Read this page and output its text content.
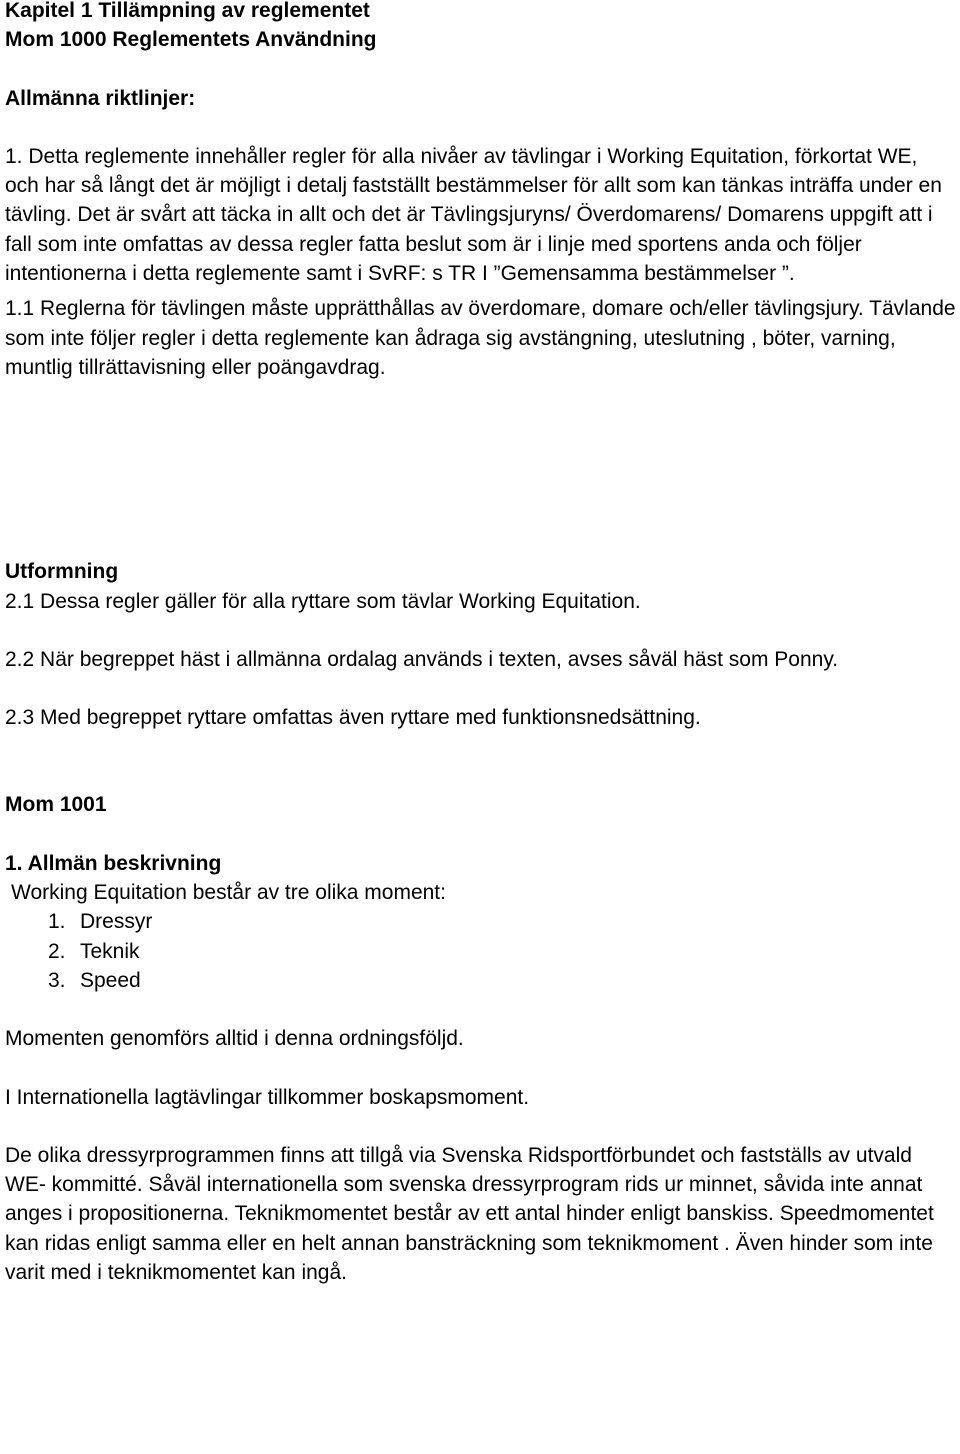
Kapitel 1 Tillämpning av reglementet

Mom 1000 Reglementets Användning

Allmänna riktlinjer:

1. Detta reglemente innehåller regler för alla nivåer av tävlingar i Working Equitation, förkortat WE, och har så långt det är möjligt i detalj fastställt bestämmelser för allt som kan tänkas inträffa under en tävling. Det är svårt att täcka in allt och det är Tävlingsjuryns/ Överdomarens/ Domarens uppgift att i fall som inte omfattas av dessa regler fatta beslut som är i linje med sportens anda och följer intentionerna i detta reglemente samt i SvRF: s TR I ”Gemensamma bestämmelser ”.

1.1 Reglerna för tävlingen måste upprätthållas av överdomare, domare och/eller tävlingsjury. Tävlande som inte följer regler i detta reglemente kan ådraga sig avstängning, uteslutning , böter, varning, muntlig tillrättavisning eller poängavdrag.

Utformning

2.1 Dessa regler gäller för alla ryttare som tävlar Working Equitation.

2.2 När begreppet häst i allmänna ordalag används i texten, avses såväl häst som Ponny.

2.3 Med begreppet ryttare omfattas även ryttare med funktionsnedsättning.

Mom 1001

1. Allmän beskrivning

Working Equitation består av tre olika moment:

1. Dressyr
2. Teknik
3. Speed

Momenten genomförs alltid i denna ordningsföljd.

I Internationella lagtävlingar tillkommer boskapsmoment.

De olika dressyrprogrammen finns att tillgå via Svenska Ridsportförbundet och fastställs av utvald WE- kommitté. Såväl internationella som svenska dressyrprogram rids ur minnet, såvida inte annat anges i propositionerna. Teknikmomentet består av ett antal hinder enligt banskiss. Speedmomentet kan ridas enligt samma eller en helt annan bansträckning som teknikmoment . Även hinder som inte varit med i teknikmomentet kan ingå.
